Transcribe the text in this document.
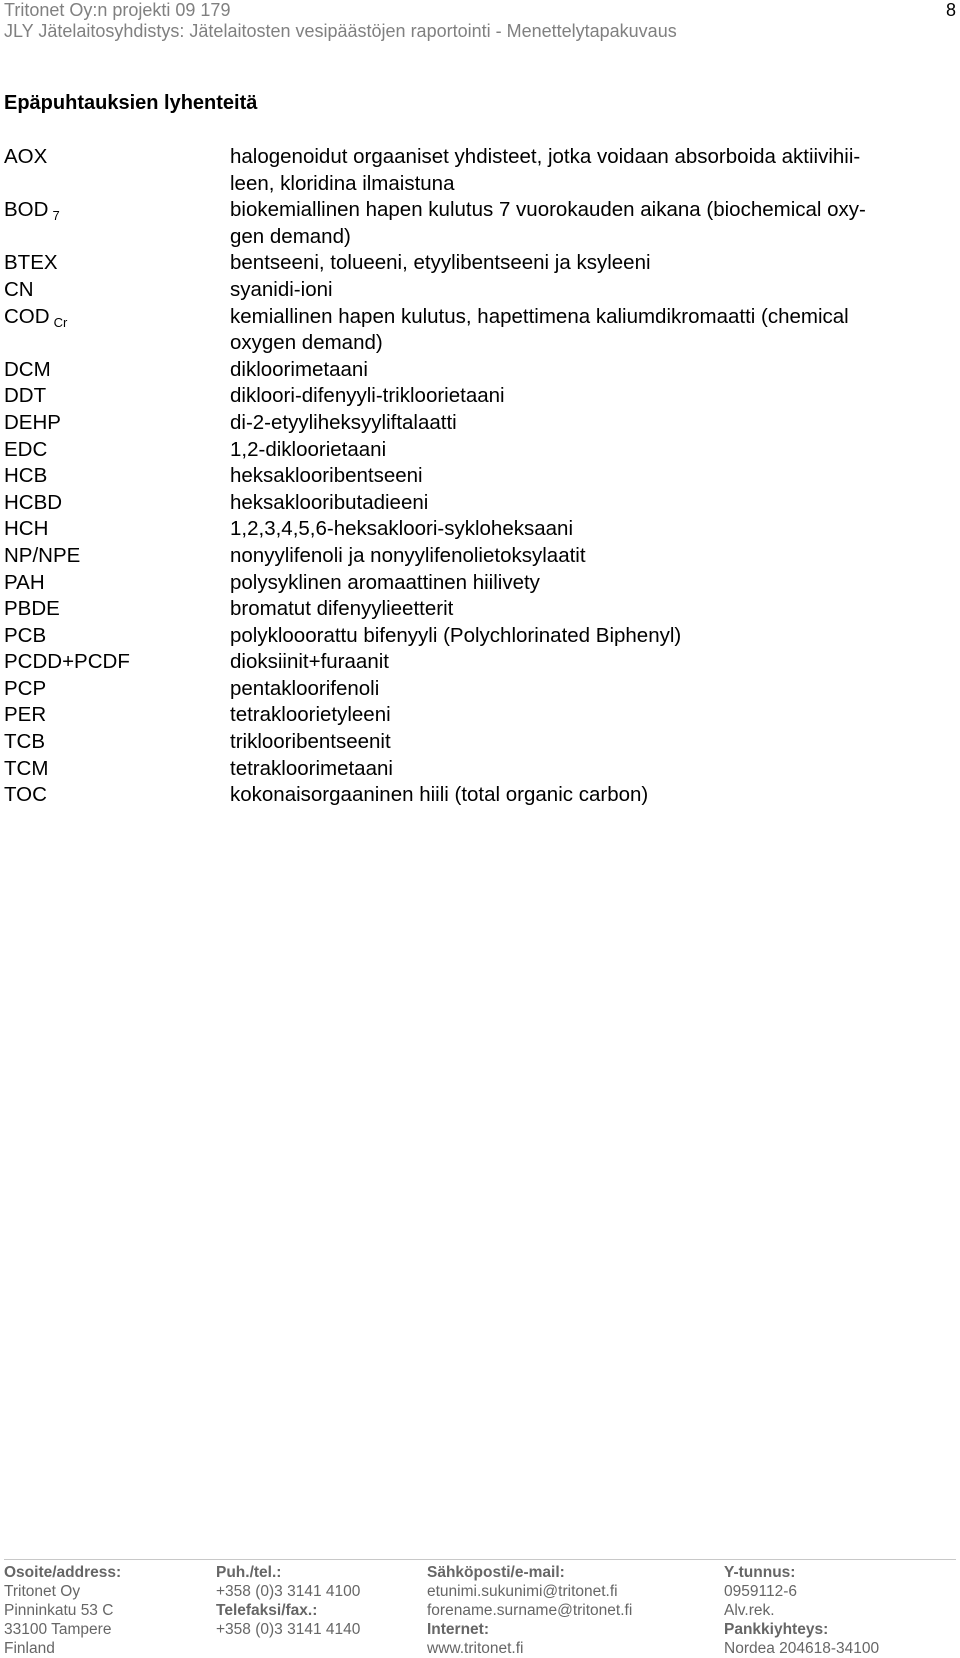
Tritonet Oy:n projekti 09 179
JLY Jätelaitosyhdistys: Jätelaitosten vesipäästöjen raportointi - Menettelytapakuvaus
8
Epäpuhtauksien lyhenteitä
AOX	halogenoidut orgaaniset yhdisteet, jotka voidaan absorboida aktiivihii-
leen, kloridina ilmaistuna
BOD $_7$	biokemiallinen hapen kulutus 7 vuorokauden aikana (biochemical oxy-
gen demand)
BTEX	bentseeni, tolueeni, etyylibentseeni ja ksyleeni
CN	syanidi-ioni
COD $_{Cr}$	kemiallinen hapen kulutus, hapettimena kaliumdikromaatti (chemical
oxygen demand)
DCM	dikloorimetaani
DDT	dikloori-difenyyli-trikloorietaani
DEHP	di-2-etyyliheksyyliftalaatti
EDC	1,2-dikloorietaani
HCB	heksaklooribentseeni
HCBD	heksaklooributadieeni
HCH	1,2,3,4,5,6-heksakloori-sykloheksaani
NP/NPE	nonyylifenoli ja nonyylifenolietoksylaatit
PAH	polysyklinen aromaattinen hiilivety
PBDE	bromatut difenyylieetterit
PCB	polyklooorattu bifenyyli (Polychlorinated Biphenyl)
PCDD+PCDF	dioksiinit+furaanit
PCP	pentakloorifenoli
PER	tetrakloorietyleeni
TCB	triklooribentseenit
TCM	tetrakloorimetaani
TOC	kokonaisorgaaninen hiili (total organic carbon)
Osoite/address:
Tritonet Oy
Pinninkatu 53 C
33100 Tampere
Finland
Puh./tel.:
+358 (0)3 3141 4100
Telefaksi/fax.:
+358 (0)3 3141 4140
Sähköposti/e-mail:
etunimi.sukunimi@tritonet.fi
forename.surname@tritonet.fi
Internet:
www.tritonet.fi
Y-tunnus:
0959112-6
Alv.rek.
Pankkiyhteys:
Nordea 204618-34100
